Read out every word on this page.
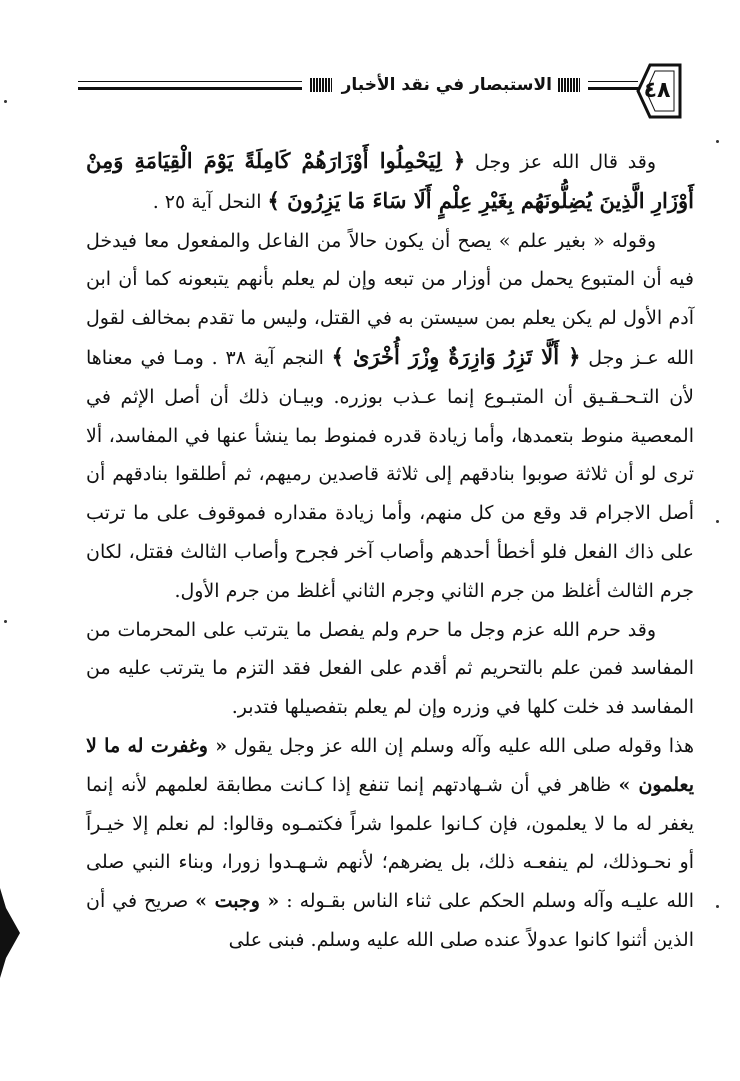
الاستبصار في نقد الأخبار	٤٨

وقد قال الله عز وجل ﴿ لِيَحْمِلُوا أَوْزَارَهُمْ كَامِلَةً يَوْمَ الْقِيَامَةِ وَمِنْ أَوْزَارِ الَّذِينَ يُضِلُّونَهُم بِغَيْرِ عِلْمٍ أَلَا سَاءَ مَا يَزِرُونَ ﴾ النحل آية ٢٥ .

وقوله « بغير علم » يصح أن يكون حالاً من الفاعل والمفعول معا فيدخل فيه أن المتبوع يحمل من أوزار من تبعه وإن لم يعلم بأنهم يتبعونه كما أن ابن آدم الأول لم يكن يعلم بمن سيستن به في القتل، وليس ما تقدم بمخالف لقول الله عـز وجل ﴿ أَلَّا تَزِرُ وَازِرَةٌ وِزْرَ أُخْرَىٰ ﴾ النجم آية ٣٨ . ومـا في معناها لأن التـحـقـيق أن المتبـوع إنما عـذب بوزره. وبيـان ذلك أن أصل الإثم في المعصية منوط بتعمدها، وأما زيادة قدره فمنوط بما ينشأ عنها في المفاسد، ألا ترى لو أن ثلاثة صوبوا بنادقهم إلى ثلاثة قاصدين رميهم، ثم أطلقوا بنادقهم أن أصل الاجرام قد وقع من كل منهم، وأما زيادة مقداره فموقوف على ما ترتب على ذاك الفعل فلو أخطأ أحدهم وأصاب آخر فجرح وأصاب الثالث فقتل، لكان جرم الثالث أغلظ من جرم الثاني وجرم الثاني أغلظ من جرم الأول.

وقد حرم الله عزم وجل ما حرم ولم يفصل ما يترتب على المحرمات من المفاسد فمن علم بالتحريم ثم أقدم على الفعل فقد التزم ما يترتب عليه من المفاسد فد خلت كلها في وزره وإن لم يعلم بتفصيلها فتدبر.

هذا وقوله صلى الله عليه وآله وسلم إن الله عز وجل يقول « وغفرت له ما لا يعلمون » ظاهر في أن شـهادتهم إنما تنفع إذا كـانت مطابقة لعلمهم لأنه إنما يغفر له ما لا يعلمون، فإن كـانوا علموا شراً فكتمـوه وقالوا: لم نعلم إلا خيـراً أو نحـوذلك، لم ينفعـه ذلك، بل يضرهم؛ لأنهم شـهـدوا زورا، وبناء النبي صلى الله عليـه وآله وسلم الحكم على ثناء الناس بقـوله : « وجبت » صريح في أن الذين أثنوا كانوا عدولاً عنده صلى الله عليه وسلم. فبنى على
